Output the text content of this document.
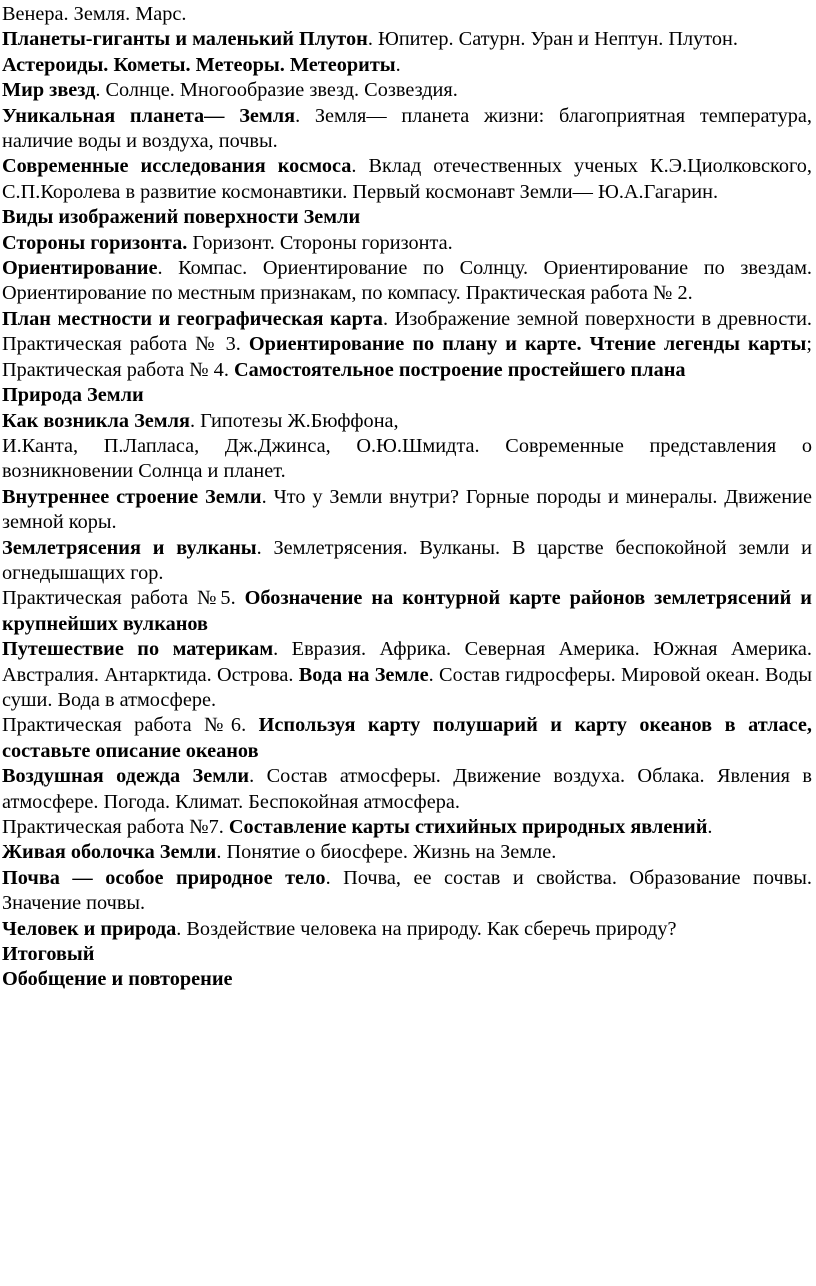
Венера. Земля. Марс.

Планеты-гиганты и маленький Плутон. Юпитер. Сатурн. Уран и Нептун. Плутон.

Астероиды. Кометы. Метеоры. Метеориты.

Мир звезд. Солнце. Многообразие звезд. Созвездия.

Уникальная планета— Земля. Земля— планета жизни: благоприятная температура, наличие воды и воздуха, почвы.

Современные исследования космоса. Вклад отечественных ученых К.Э.Циолковского, С.П.Королева в развитие космонавтики. Первый космонавт Земли— Ю.А.Гагарин.

Виды изображений поверхности Земли

Стороны горизонта. Горизонт. Стороны горизонта.

Ориентирование. Компас. Ориентирование по Солнцу. Ориентирование по звездам. Ориентирование по местным признакам, по компасу. Практическая работа № 2.

План местности и географическая карта. Изображение земной поверхности в древности. Практическая работа № 3. Ориентирование по плану и карте. Чтение легенды карты; Практическая работа № 4. Самостоятельное построение простейшего плана

Природа Земли

Как возникла Земля. Гипотезы Ж.Бюффона,

И.Канта, П.Лапласа, Дж.Джинса, О.Ю.Шмидта. Современные представления о возникновении Солнца и планет.

Внутреннее строение Земли. Что у Земли внутри? Горные породы и минералы. Движение земной коры.

Землетрясения и вулканы. Землетрясения. Вулканы. В царстве беспокойной земли и огнедышащих гор.

Практическая работа №5. Обозначение на контурной карте районов землетрясений и крупнейших вулканов

Путешествие по материкам. Евразия. Африка. Северная Америка. Южная Америка. Австралия. Антарктида. Острова. Вода на Земле. Состав гидросферы. Мировой океан. Воды суши. Вода в атмосфере.

Практическая работа №6. Используя карту полушарий и карту океанов в атласе, составьте описание океанов

Воздушная одежда Земли. Состав атмосферы. Движение воздуха. Облака. Явления в атмосфере. Погода. Климат. Беспокойная атмосфера.

Практическая работа №7. Составление карты стихийных природных явлений.

Живая оболочка Земли. Понятие о биосфере. Жизнь на Земле.

Почва — особое природное тело. Почва, ее состав и свойства. Образование почвы. Значение почвы.

Человек и природа. Воздействие человека на природу. Как сберечь природу?

Итоговый

Обобщение и повторение
